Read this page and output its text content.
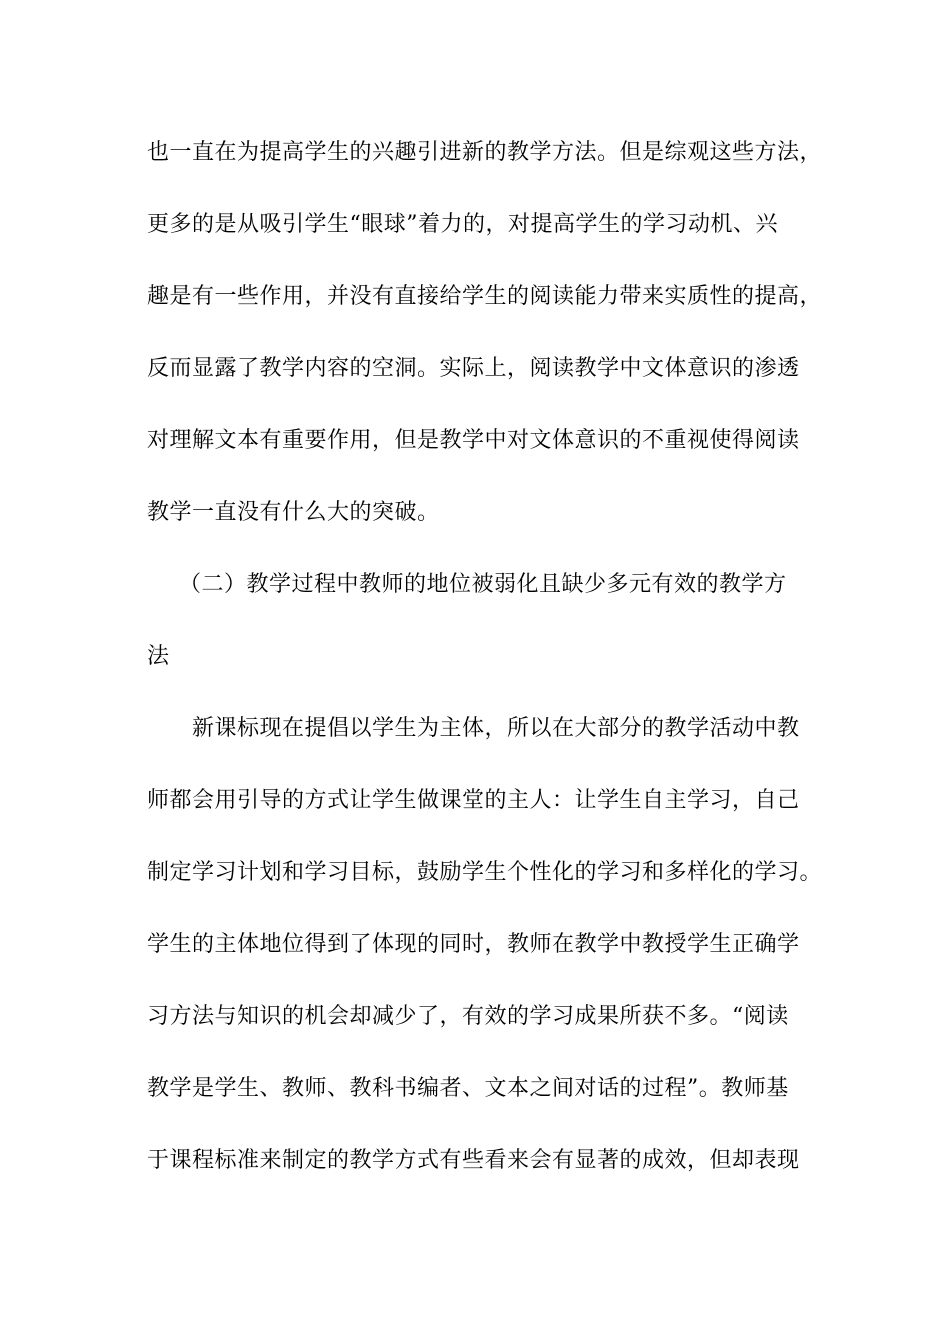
也一直在为提高学生的兴趣引进新的教学方法。但是综观这些方法，
更多的是从吸引学生“眼球”着力的，对提高学生的学习动机、兴
趣是有一些作用，并没有直接给学生的阅读能力带来实质性的提高，
反而显露了教学内容的空洞。实际上，阅读教学中文体意识的渗透
对理解文本有重要作用，但是教学中对文体意识的不重视使得阅读
教学一直没有什么大的突破。
（二）教学过程中教师的地位被弱化且缺少多元有效的教学方
法
新课标现在提倡以学生为主体，所以在大部分的教学活动中教
师都会用引导的方式让学生做课堂的主人：让学生自主学习，自己
制定学习计划和学习目标，鼓励学生个性化的学习和多样化的学习。
学生的主体地位得到了体现的同时，教师在教学中教授学生正确学
习方法与知识的机会却减少了，有效的学习成果所获不多。“阅读
教学是学生、教师、教科书编者、文本之间对话的过程”。教师基
于课程标准来制定的教学方式有些看来会有显著的成效，但却表现
